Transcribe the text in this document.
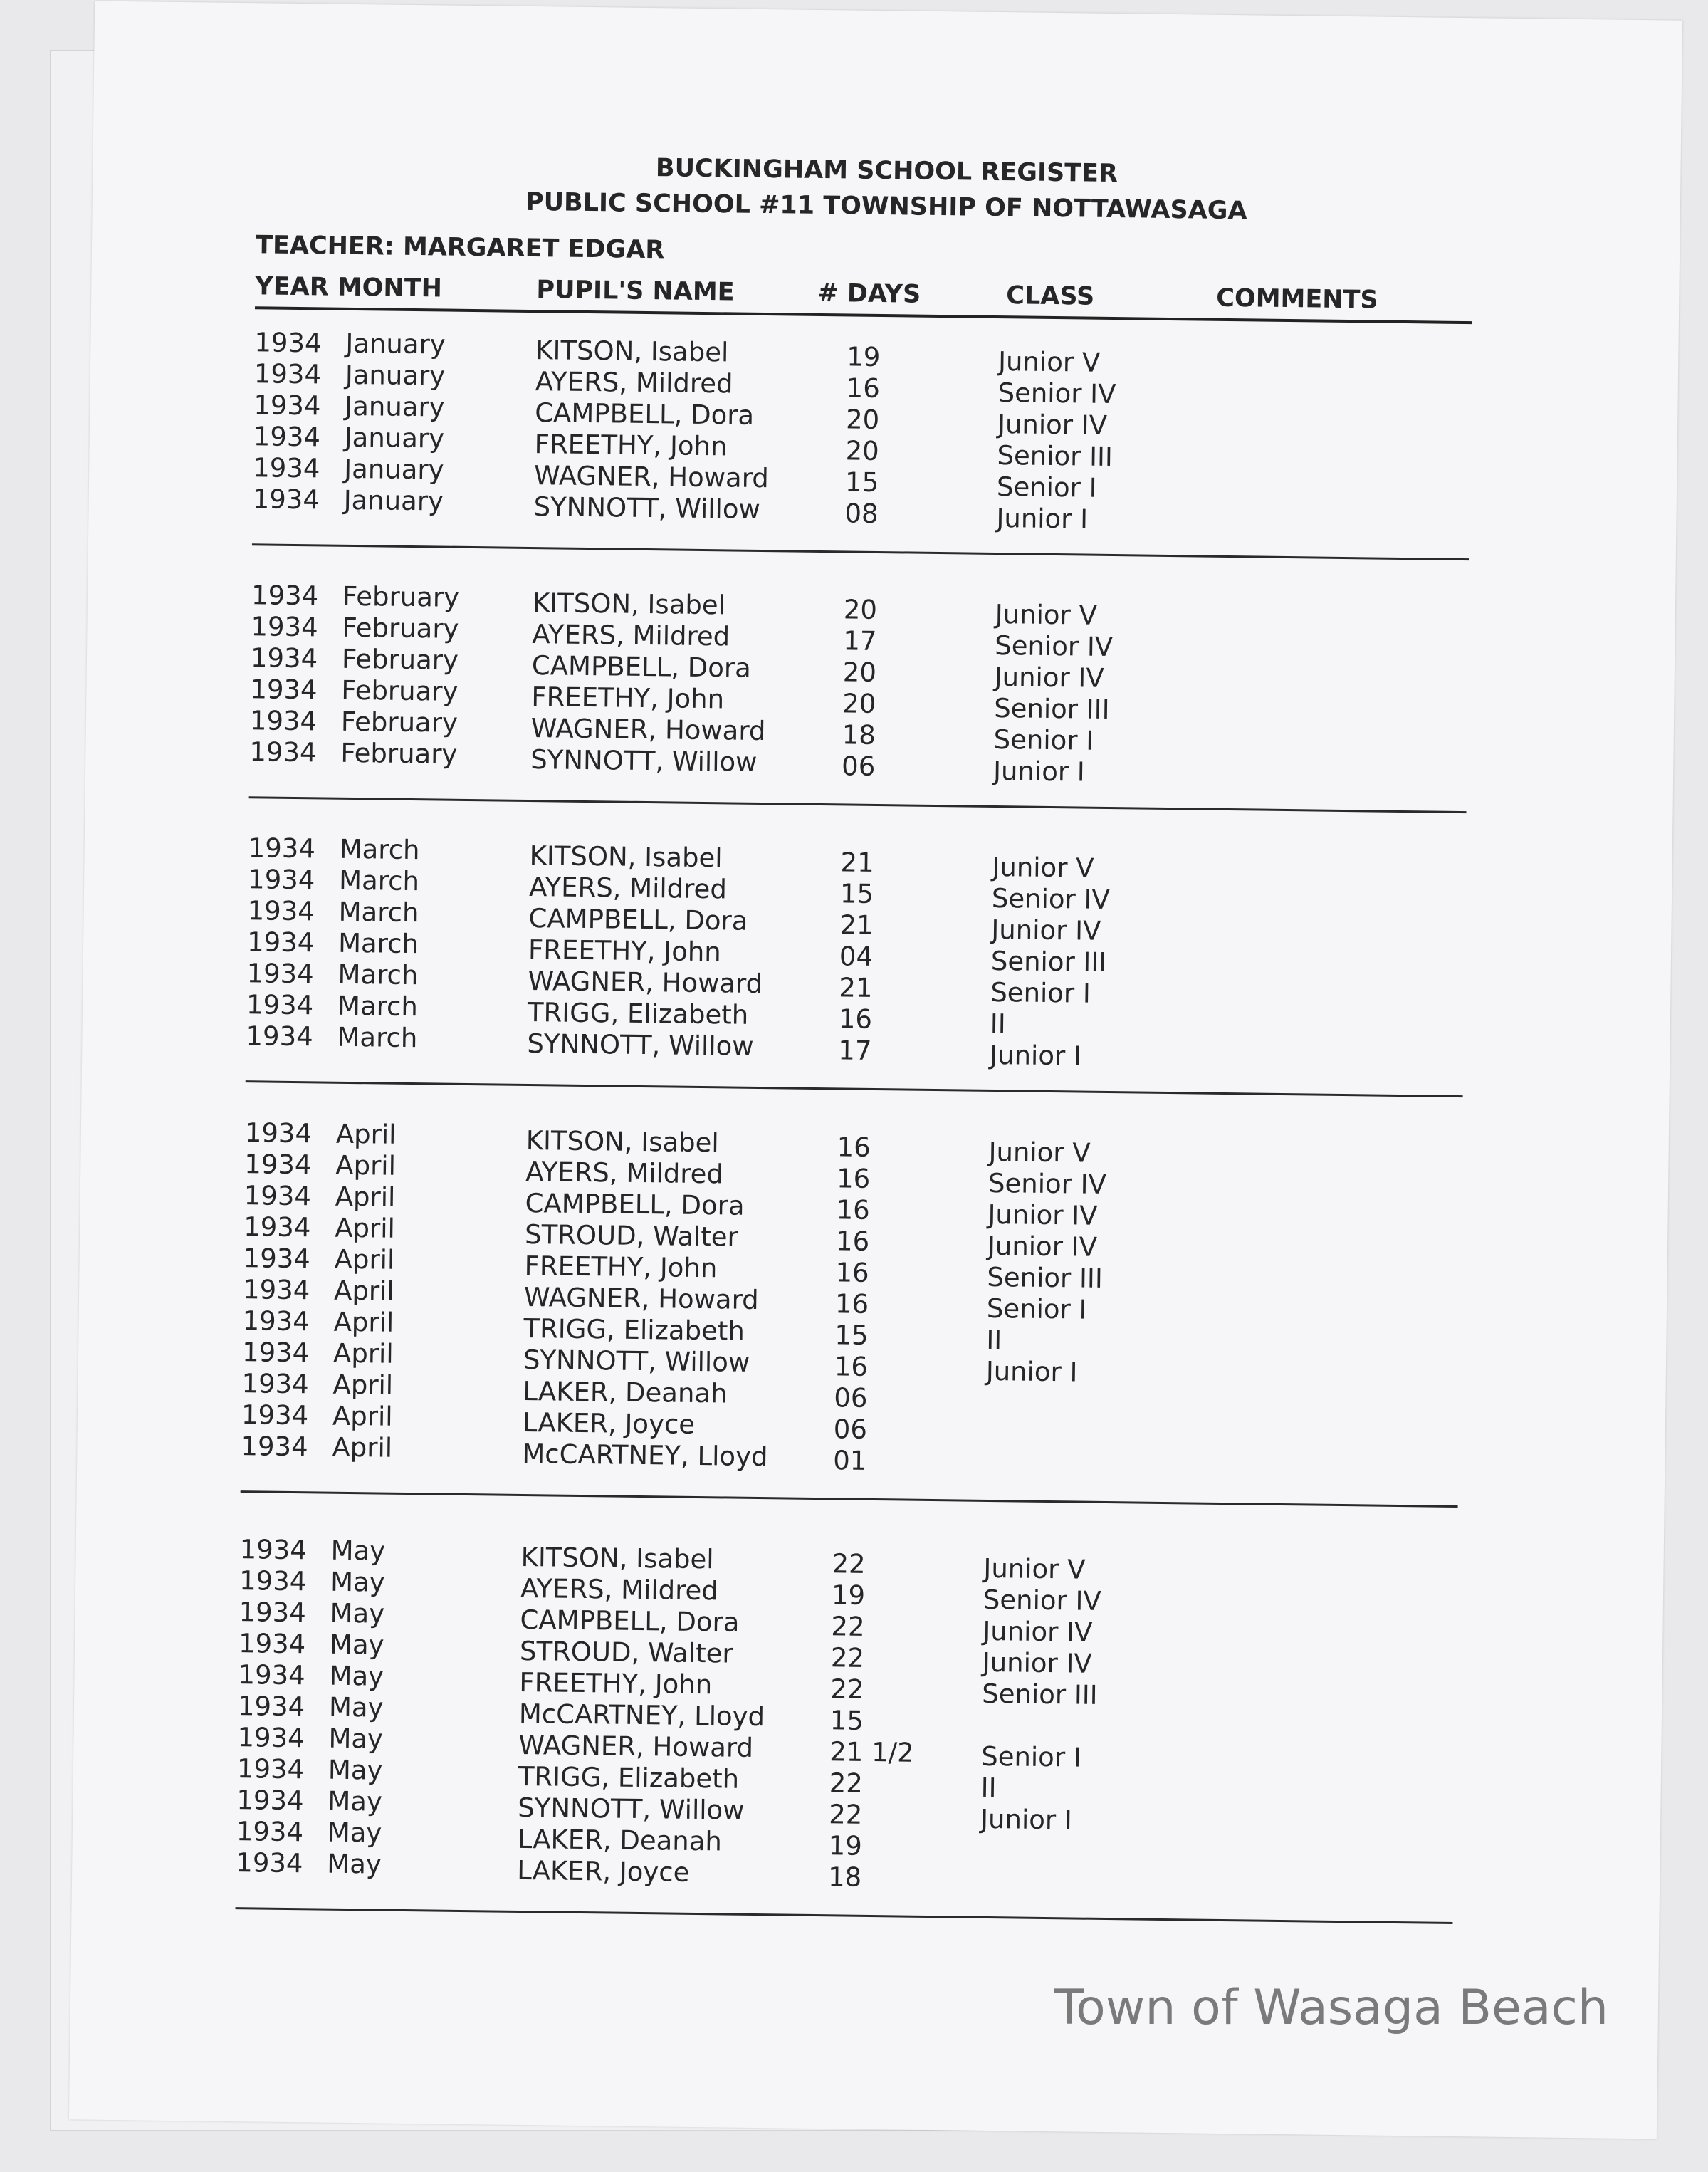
BUCKINGHAM SCHOOL REGISTER
PUBLIC SCHOOL #11 TOWNSHIP OF NOTTAWASAGA
TEACHER: MARGARET EDGAR
YEAR MONTH	PUPIL'S NAME	# DAYS	CLASS	COMMENTS
1934 January	KITSON, Isabel	19	Junior V
1934 January	AYERS, Mildred	16	Senior IV
1934 January	CAMPBELL, Dora	20	Junior IV
1934 January	FREETHY, John	20	Senior III
1934 January	WAGNER, Howard	15	Senior I
1934 January	SYNNOTT, Willow	08	Junior I
1934 February	KITSON, Isabel	20	Junior V
1934 February	AYERS, Mildred	17	Senior IV
1934 February	CAMPBELL, Dora	20	Junior IV
1934 February	FREETHY, John	20	Senior III
1934 February	WAGNER, Howard	18	Senior I
1934 February	SYNNOTT, Willow	06	Junior I
1934 March	KITSON, Isabel	21	Junior V
1934 March	AYERS, Mildred	15	Senior IV
1934 March	CAMPBELL, Dora	21	Junior IV
1934 March	FREETHY, John	04	Senior III
1934 March	WAGNER, Howard	21	Senior I
1934 March	TRIGG, Elizabeth	16	II
1934 March	SYNNOTT, Willow	17	Junior I
1934 April	KITSON, Isabel	16	Junior V
1934 April	AYERS, Mildred	16	Senior IV
1934 April	CAMPBELL, Dora	16	Junior IV
1934 April	STROUD, Walter	16	Junior IV
1934 April	FREETHY, John	16	Senior III
1934 April	WAGNER, Howard	16	Senior I
1934 April	TRIGG, Elizabeth	15	II
1934 April	SYNNOTT, Willow	16	Junior I
1934 April	LAKER, Deanah	06
1934 April	LAKER, Joyce	06
1934 April	McCARTNEY, Lloyd 01
1934 May	KITSON, Isabel	22	Junior V
1934 May	AYERS, Mildred	19	Senior IV
1934 May	CAMPBELL, Dora	22	Junior IV
1934 May	STROUD, Walter	22	Junior IV
1934 May	FREETHY, John	22	Senior III
1934 May	McCARTNEY, Lloyd 15
1934 May	WAGNER, Howard	21 1/2	Senior I
1934 May	TRIGG, Elizabeth	22	II
1934 May	SYNNOTT, Willow	22	Junior I
1934 May	LAKER, Deanah	19
1934 May	LAKER, Joyce	18
Town of Wasaga Beach
